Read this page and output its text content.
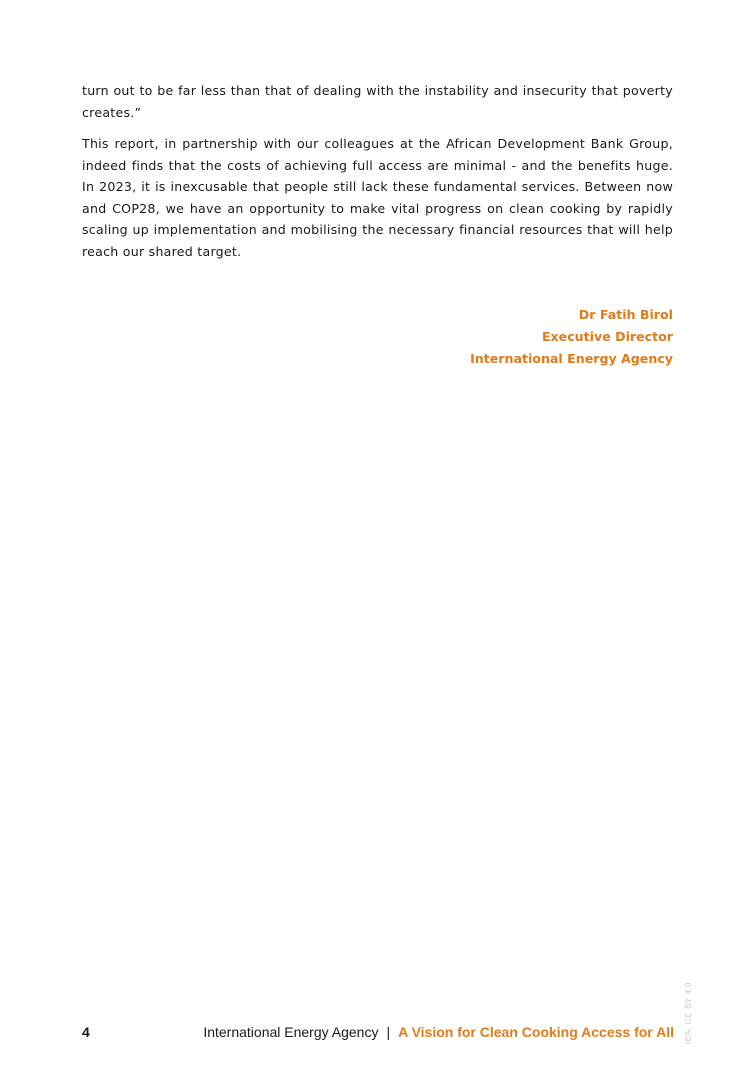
turn out to be far less than that of dealing with the instability and insecurity that poverty creates.”

This report, in partnership with our colleagues at the African Development Bank Group, indeed finds that the costs of achieving full access are minimal - and the benefits huge. In 2023, it is inexcusable that people still lack these fundamental services. Between now and COP28, we have an opportunity to make vital progress on clean cooking by rapidly scaling up implementation and mobilising the necessary financial resources that will help reach our shared target.

Dr Fatih Birol
Executive Director
International Energy Agency
4	International Energy Agency | A Vision for Clean Cooking Access for All IEA. CC BY 4.0.
